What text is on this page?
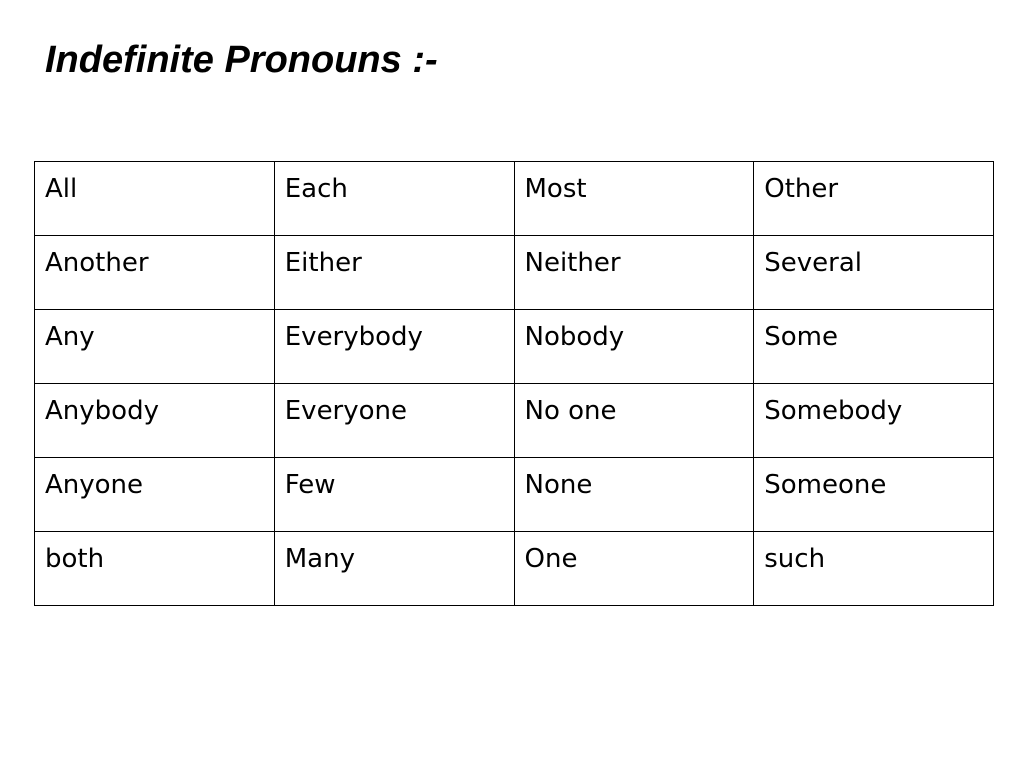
Indefinite Pronouns :-
All	Each	Most	Other

Another	Either	Neither	Several

Any	Everybody	Nobody	Some

Anybody	Everyone	No one	Somebody

Anyone	Few	None	Someone

both	Many	One	such
